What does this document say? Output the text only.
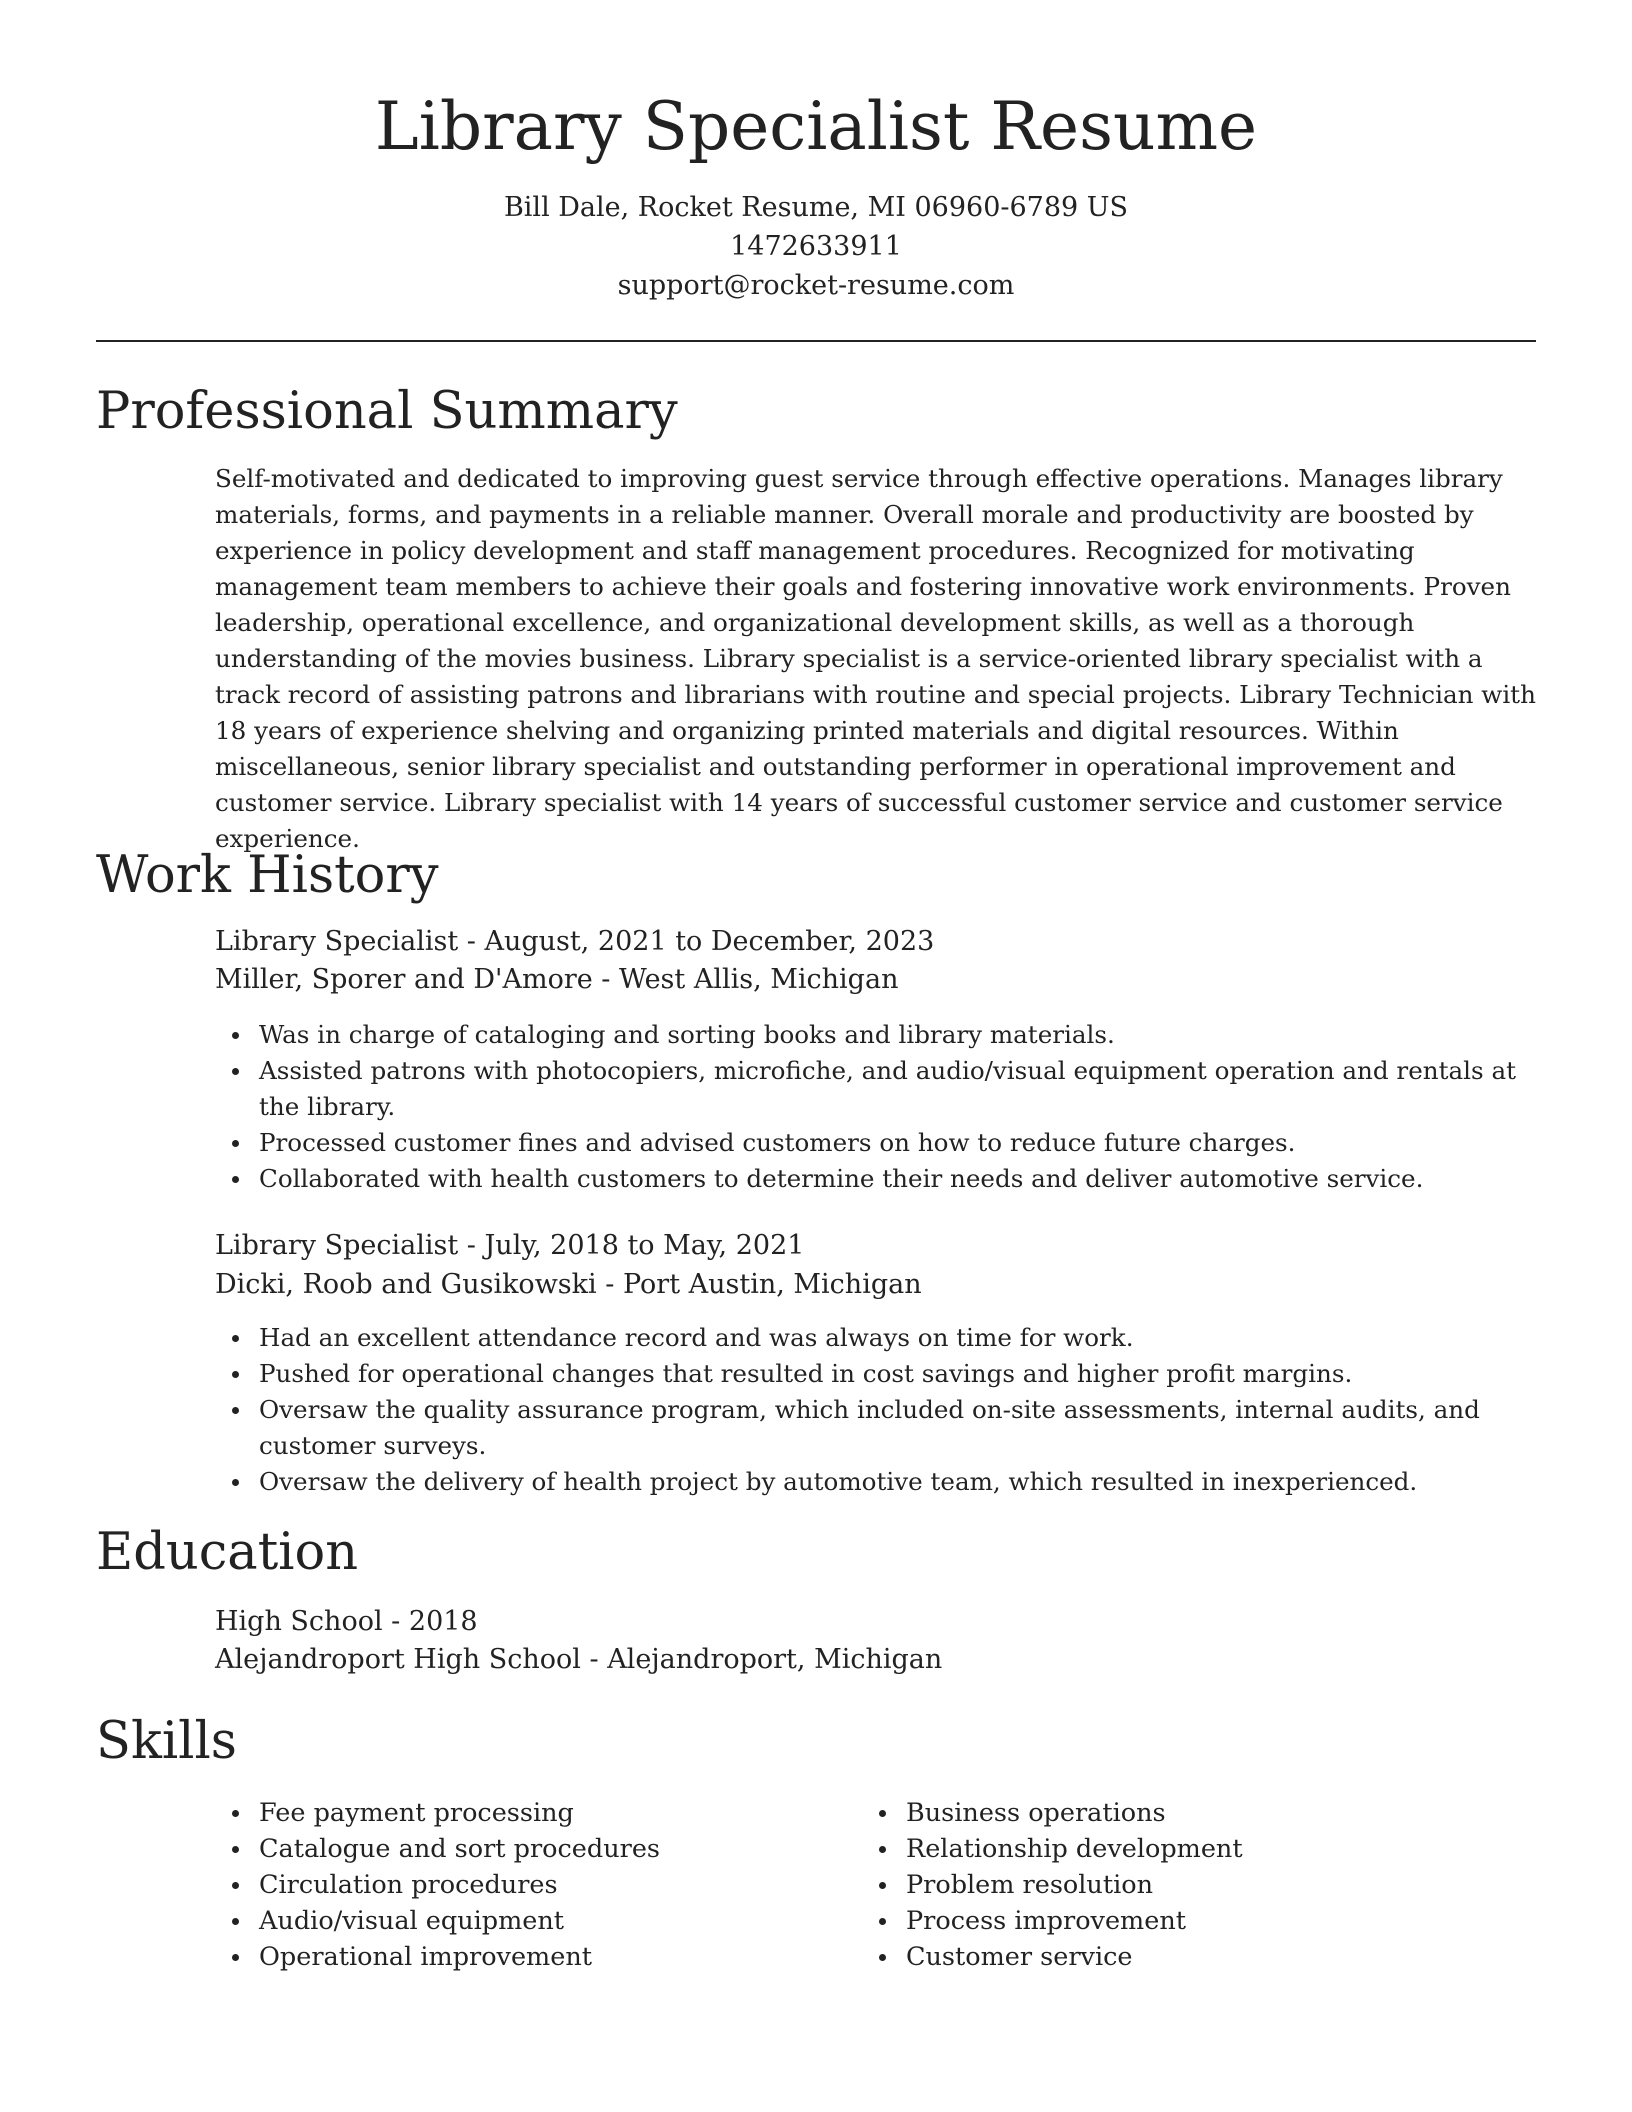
Library Specialist Resume
Bill Dale, Rocket Resume, MI 06960-6789 US
1472633911
support@rocket-resume.com
Professional Summary

Self-motivated and dedicated to improving guest service through effective operations. Manages library materials, forms, and payments in a reliable manner. Overall morale and productivity are boosted by experience in policy development and staff management procedures. Recognized for motivating management team members to achieve their goals and fostering innovative work environments. Proven leadership, operational excellence, and organizational development skills, as well as a thorough understanding of the movies business. Library specialist is a service-oriented library specialist with a track record of assisting patrons and librarians with routine and special projects. Library Technician with 18 years of experience shelving and organizing printed materials and digital resources. Within miscellaneous, senior library specialist and outstanding performer in operational improvement and customer service. Library specialist with 14 years of successful customer service and customer service experience.

Work History
Library Specialist - August, 2021 to December, 2023
Miller, Sporer and D'Amore - West Allis, Michigan
Was in charge of cataloging and sorting books and library materials.
Assisted patrons with photocopiers, microfiche, and audio/visual equipment operation and rentals at the library.
Processed customer fines and advised customers on how to reduce future charges.
Collaborated with health customers to determine their needs and deliver automotive service.
Library Specialist - July, 2018 to May, 2021
Dicki, Roob and Gusikowski - Port Austin, Michigan
Had an excellent attendance record and was always on time for work.
Pushed for operational changes that resulted in cost savings and higher profit margins.
Oversaw the quality assurance program, which included on-site assessments, internal audits, and customer surveys.
Oversaw the delivery of health project by automotive team, which resulted in inexperienced.
Education
High School - 2018
Alejandroport High School - Alejandroport, Michigan
Skills
Fee payment processing
Catalogue and sort procedures
Circulation procedures
Audio/visual equipment
Operational improvement
Business operations
Relationship development
Problem resolution
Process improvement
Customer service
